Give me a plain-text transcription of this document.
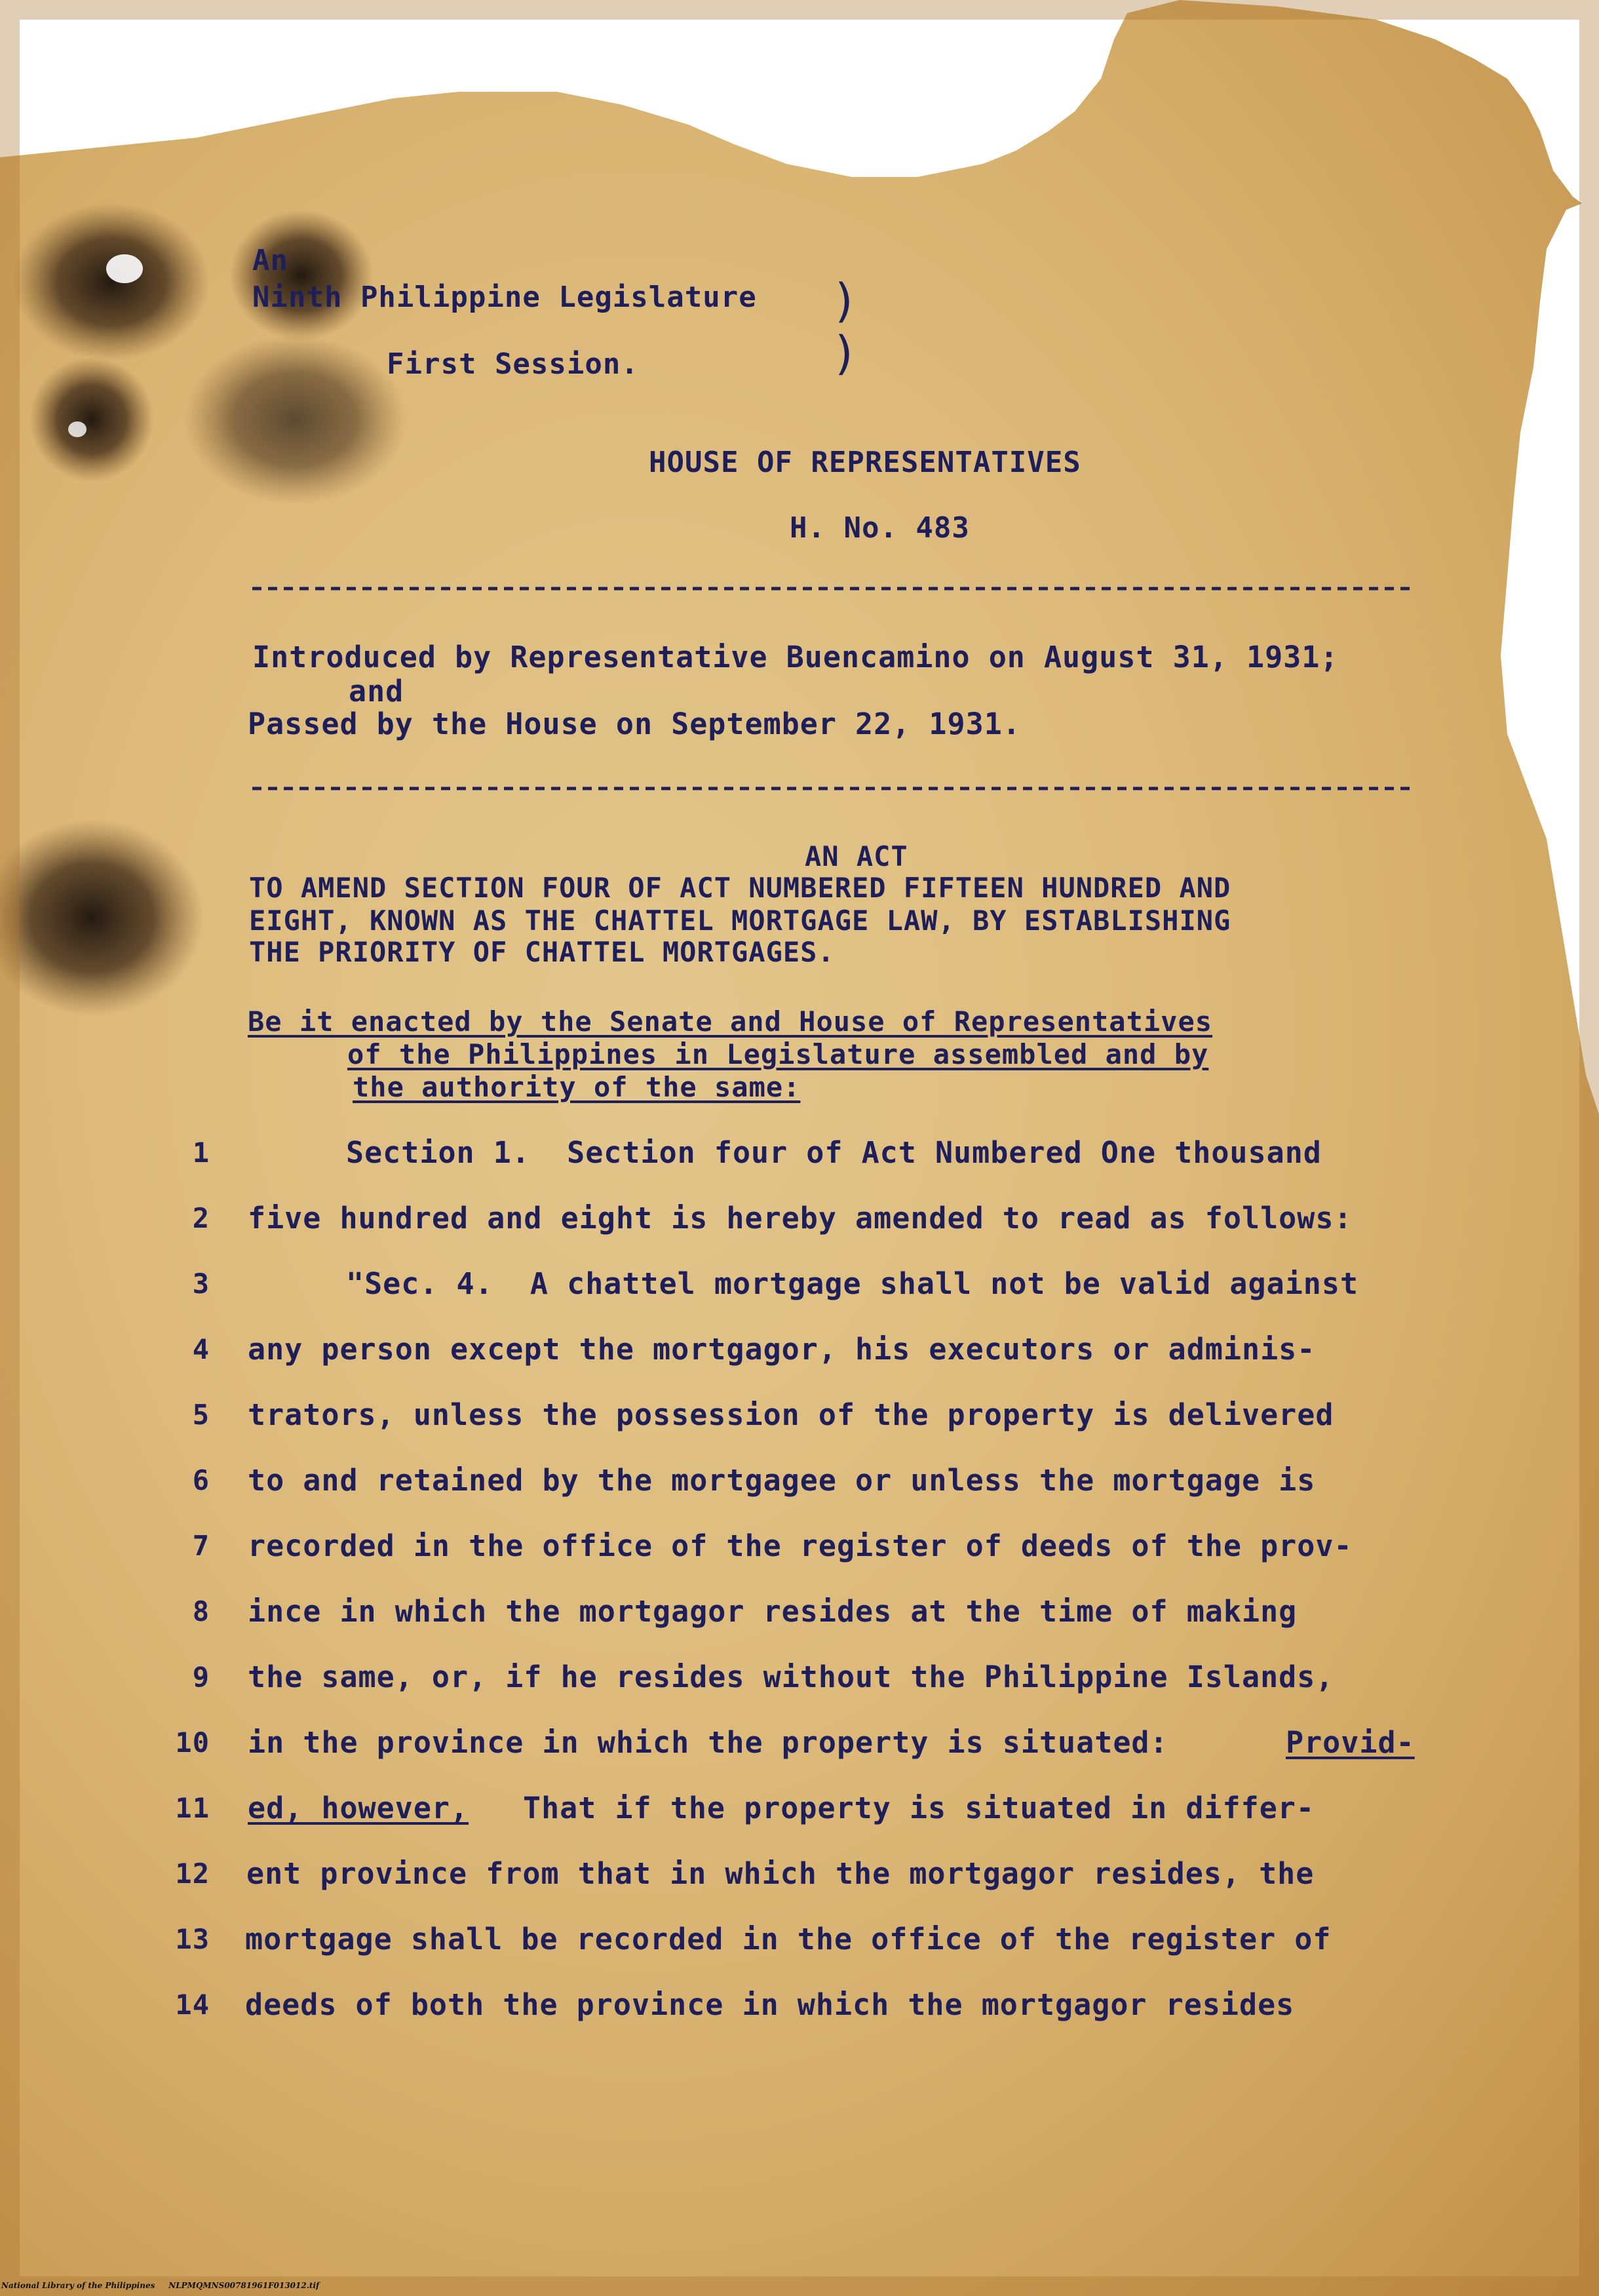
An
Ninth Philippine Legislature
First Session.
)
)
HOUSE OF REPRESENTATIVES
H. No. 483
Introduced by Representative Buencamino on August 31, 1931;
and
Passed by the House on September 22, 1931.
AN ACT
TO AMEND SECTION FOUR OF ACT NUMBERED FIFTEEN HUNDRED AND
EIGHT, KNOWN AS THE CHATTEL MORTGAGE LAW, BY ESTABLISHING
THE PRIORITY OF CHATTEL MORTGAGES.
Be it enacted by the Senate and House of Representatives
of the Philippines in Legislature assembled and by
the authority of the same:
1	Section 1.  Section four of Act Numbered One thousand
2 five hundred and eight is hereby amended to read as follows:
3	"Sec. 4.  A chattel mortgage shall not be valid against
4 any person except the mortgagor, his executors or adminis-
5 trators, unless the possession of the property is delivered
6 to and retained by the mortgagee or unless the mortgage is
7 recorded in the office of the register of deeds of the prov-
8 ince in which the mortgagor resides at the time of making
9 the same, or, if he resides without the Philippine Islands,
10 in the province in which the property is situated:	Provid-
11 ed, however, That if the property is situated in differ-
12 ent province from that in which the mortgagor resides, the
13 mortgage shall be recorded in the office of the register of
14 deeds of both the province in which the mortgagor resides
National Library of the Philippines     NLPMQMNS00781961F013012.tif
